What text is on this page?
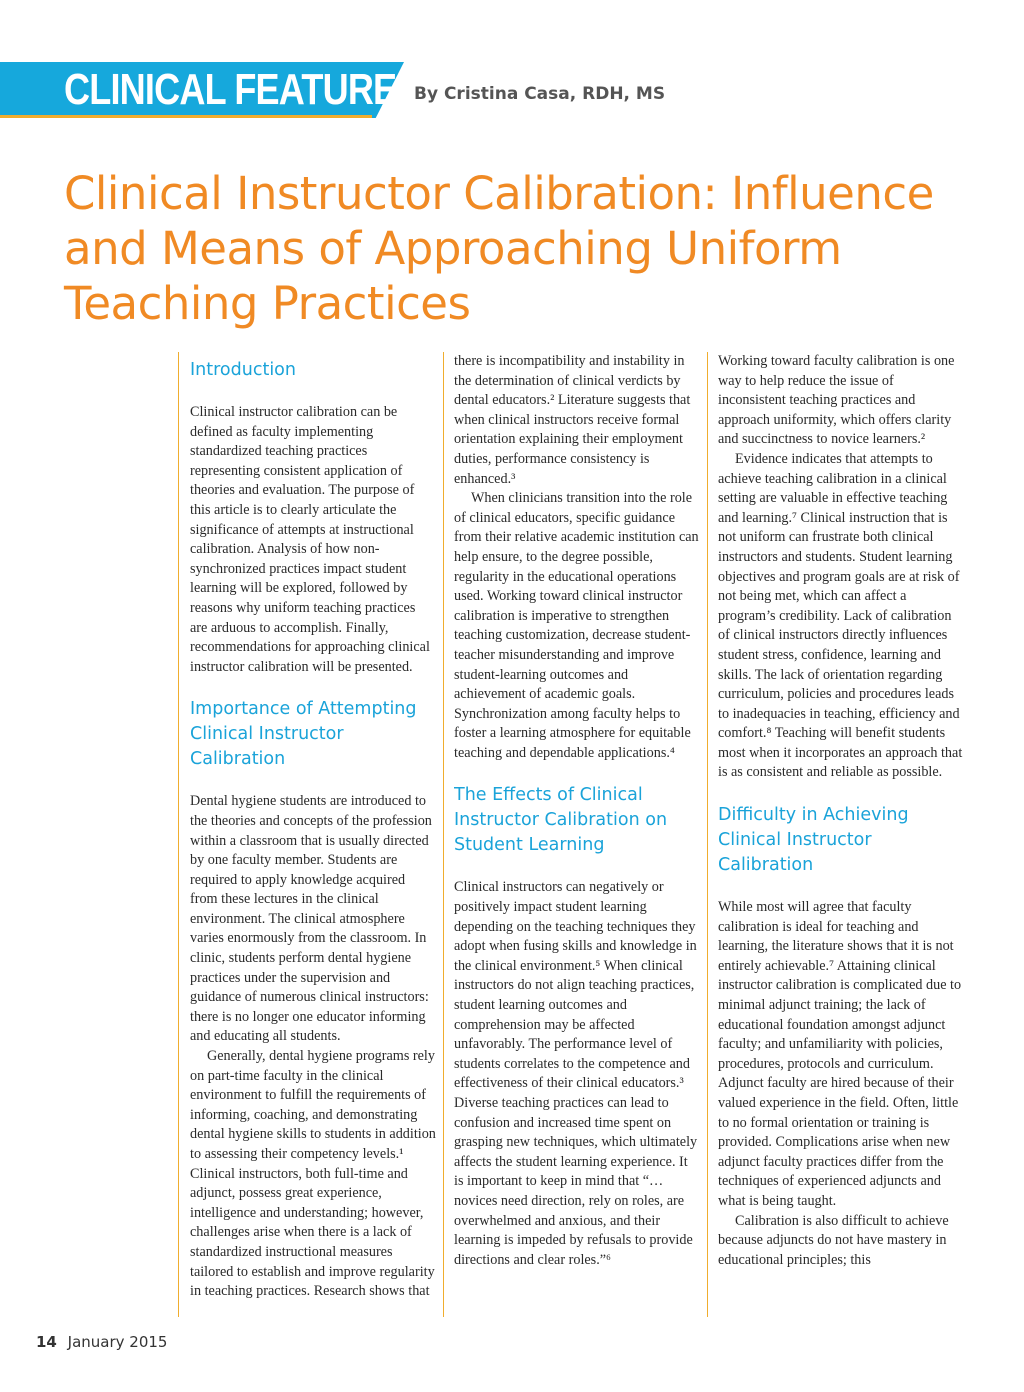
CLINICAL FEATURE By Cristina Casa, RDH, MS
Clinical Instructor Calibration: Influence and Means of Approaching Uniform Teaching Practices
Introduction

Clinical instructor calibration can be defined as faculty implementing standardized teaching practices representing consistent application of theories and evaluation. The purpose of this article is to clearly articulate the significance of attempts at instructional calibration. Analysis of how non-synchronized practices impact student learning will be explored, followed by reasons why uniform teaching practices are arduous to accomplish. Finally, recommendations for approaching clinical instructor calibration will be presented.

Importance of Attempting Clinical Instructor Calibration

Dental hygiene students are introduced to the theories and concepts of the profession within a classroom that is usually directed by one faculty member. Students are required to apply knowledge acquired from these lectures in the clinical environment. The clinical atmosphere varies enormously from the classroom. In clinic, students perform dental hygiene practices under the supervision and guidance of numerous clinical instructors: there is no longer one educator informing and educating all students.

Generally, dental hygiene programs rely on part-time faculty in the clinical environment to fulfill the requirements of informing, coaching, and demonstrating dental hygiene skills to students in addition to assessing their competency levels.¹ Clinical instructors, both full-time and adjunct, possess great experience, intelligence and understanding; however, challenges arise when there is a lack of standardized instructional measures tailored to establish and improve regularity in teaching practices. Research shows that

there is incompatibility and instability in the determination of clinical verdicts by dental educators.² Literature suggests that when clinical instructors receive formal orientation explaining their employment duties, performance consistency is enhanced.³

When clinicians transition into the role of clinical educators, specific guidance from their relative academic institution can help ensure, to the degree possible, regularity in the educational operations used. Working toward clinical instructor calibration is imperative to strengthen teaching customization, decrease student-teacher misunderstanding and improve student-learning outcomes and achievement of academic goals. Synchronization among faculty helps to foster a learning atmosphere for equitable teaching and dependable applications.⁴

The Effects of Clinical Instructor Calibration on Student Learning

Clinical instructors can negatively or positively impact student learning depending on the teaching techniques they adopt when fusing skills and knowledge in the clinical environment.⁵ When clinical instructors do not align teaching practices, student learning outcomes and comprehension may be affected unfavorably. The performance level of students correlates to the competence and effectiveness of their clinical educators.³ Diverse teaching practices can lead to confusion and increased time spent on grasping new techniques, which ultimately affects the student learning experience. It is important to keep in mind that “… novices need direction, rely on roles, are overwhelmed and anxious, and their learning is impeded by refusals to provide directions and clear roles.”⁶

Working toward faculty calibration is one way to help reduce the issue of inconsistent teaching practices and approach uniformity, which offers clarity and succinctness to novice learners.²

Evidence indicates that attempts to achieve teaching calibration in a clinical setting are valuable in effective teaching and learning.⁷ Clinical instruction that is not uniform can frustrate both clinical instructors and students. Student learning objectives and program goals are at risk of not being met, which can affect a program’s credibility. Lack of calibration of clinical instructors directly influences student stress, confidence, learning and skills. The lack of orientation regarding curriculum, policies and procedures leads to inadequacies in teaching, efficiency and comfort.⁸ Teaching will benefit students most when it incorporates an approach that is as consistent and reliable as possible.

Difficulty in Achieving Clinical Instructor Calibration

While most will agree that faculty calibration is ideal for teaching and learning, the literature shows that it is not entirely achievable.⁷ Attaining clinical instructor calibration is complicated due to minimal adjunct training; the lack of educational foundation amongst adjunct faculty; and unfamiliarity with policies, procedures, protocols and curriculum. Adjunct faculty are hired because of their valued experience in the field. Often, little to no formal orientation or training is provided. Complications arise when new adjunct faculty practices differ from the techniques of experienced adjuncts and what is being taught.

Calibration is also difficult to achieve because adjuncts do not have mastery in educational principles; this

14 January 2015
